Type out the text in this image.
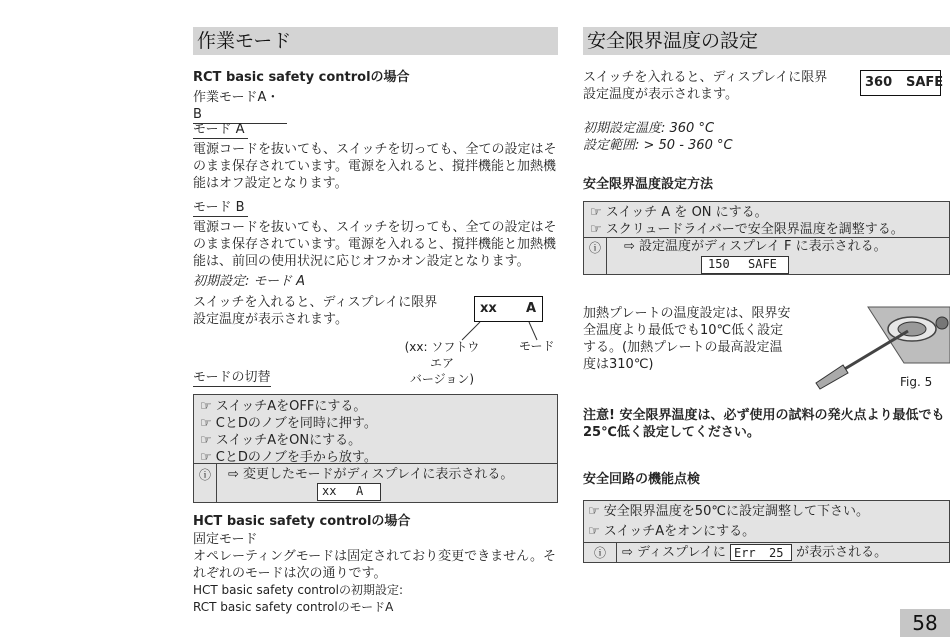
作業モード
RCT basic safety controlの場合
作業モードA・B
モード A
電源コードを抜いても、スイッチを切っても、全ての設定はそ
のまま保存されています。電源を入れると、撹拌機能と加熱機
能はオフ設定となります。
モード B
電源コードを抜いても、スイッチを切っても、全ての設定はそ
のまま保存されています。電源を入れると、撹拌機能と加熱機
能は、前回の使用状況に応じオフかオン設定となります。
初期設定: モード A
スイッチを入れると、ディスプレイに限界
設定温度が表示されます。
xx A
(xx: ソフトウエア
バージョン)
モード
モードの切替
☞ スイッチAをOFFにする。
☞ CとDのノブを同時に押す。
☞ スイッチAをONにする。
☞ CとDのノブを手から放す。
ⓘ	⇨ 変更したモードがディスプレイに表示される。
xx A
HCT basic safety controlの場合
固定モード
オペレーティングモードは固定されており変更できません。そ
れぞれのモードは次の通りです。
HCT basic safety controlの初期設定:
RCT basic safety controlのモードA
安全限界温度の設定
スイッチを入れると、ディスプレイに限界
設定温度が表示されます。
360 SAFE
初期設定温度: 360 °C
設定範囲: > 50 - 360 °C
安全限界温度設定方法
☞ スイッチ A を ON にする。
☞ スクリュードライバーで安全限界温度を調整する。
ⓘ	⇨ 設定温度がディスプレイ F に表示される。
150 SAFE
加熱プレートの温度設定は、限界安
全温度より最低でも10℃低く設定
する。(加熱プレートの最高設定温
度は310℃)
Fig. 5
注意! 安全限界温度は、必ず使用の試料の発火点より最低でも
25℃低く設定してください。
安全回路の機能点検
☞ 安全限界温度を50℃に設定調整して下さい。
☞ スイッチAをオンにする。
ⓘ	⇨ ディスプレイに Err 25 が表示される。
58
